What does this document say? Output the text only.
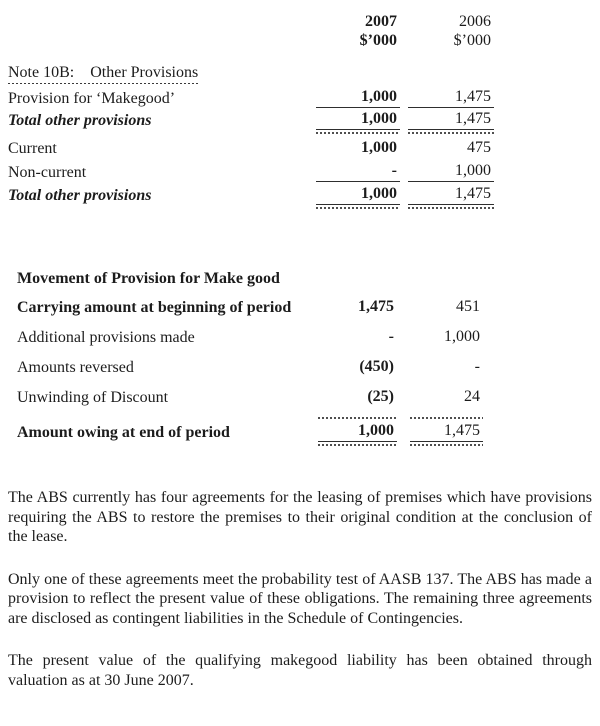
2007	2006
$’000	$’000
Note 10B:    Other Provisions
Provision for ‘Makegood’	1,000	1,475
Total other provisions	1,000	1,475
Current	1,000	475
Non-current	-	1,000
Total other provisions	1,000	1,475
Movement of Provision for Make good
Carrying amount at beginning of period	1,475	451
Additional provisions made	-	1,000
Amounts reversed	(450)	-
Unwinding of Discount	(25)	24
Amount owing at end of period	1,000	1,475

The ABS currently has four agreements for the leasing of premises which have provisions requiring the ABS to restore the premises to their original condition at the conclusion of the lease.

Only one of these agreements meet the probability test of AASB 137. The ABS has made a provision to reflect the present value of these obligations. The remaining three agreements are disclosed as contingent liabilities in the Schedule of Contingencies.

The present value of the qualifying makegood liability has been obtained through valuation as at 30 June 2007.
